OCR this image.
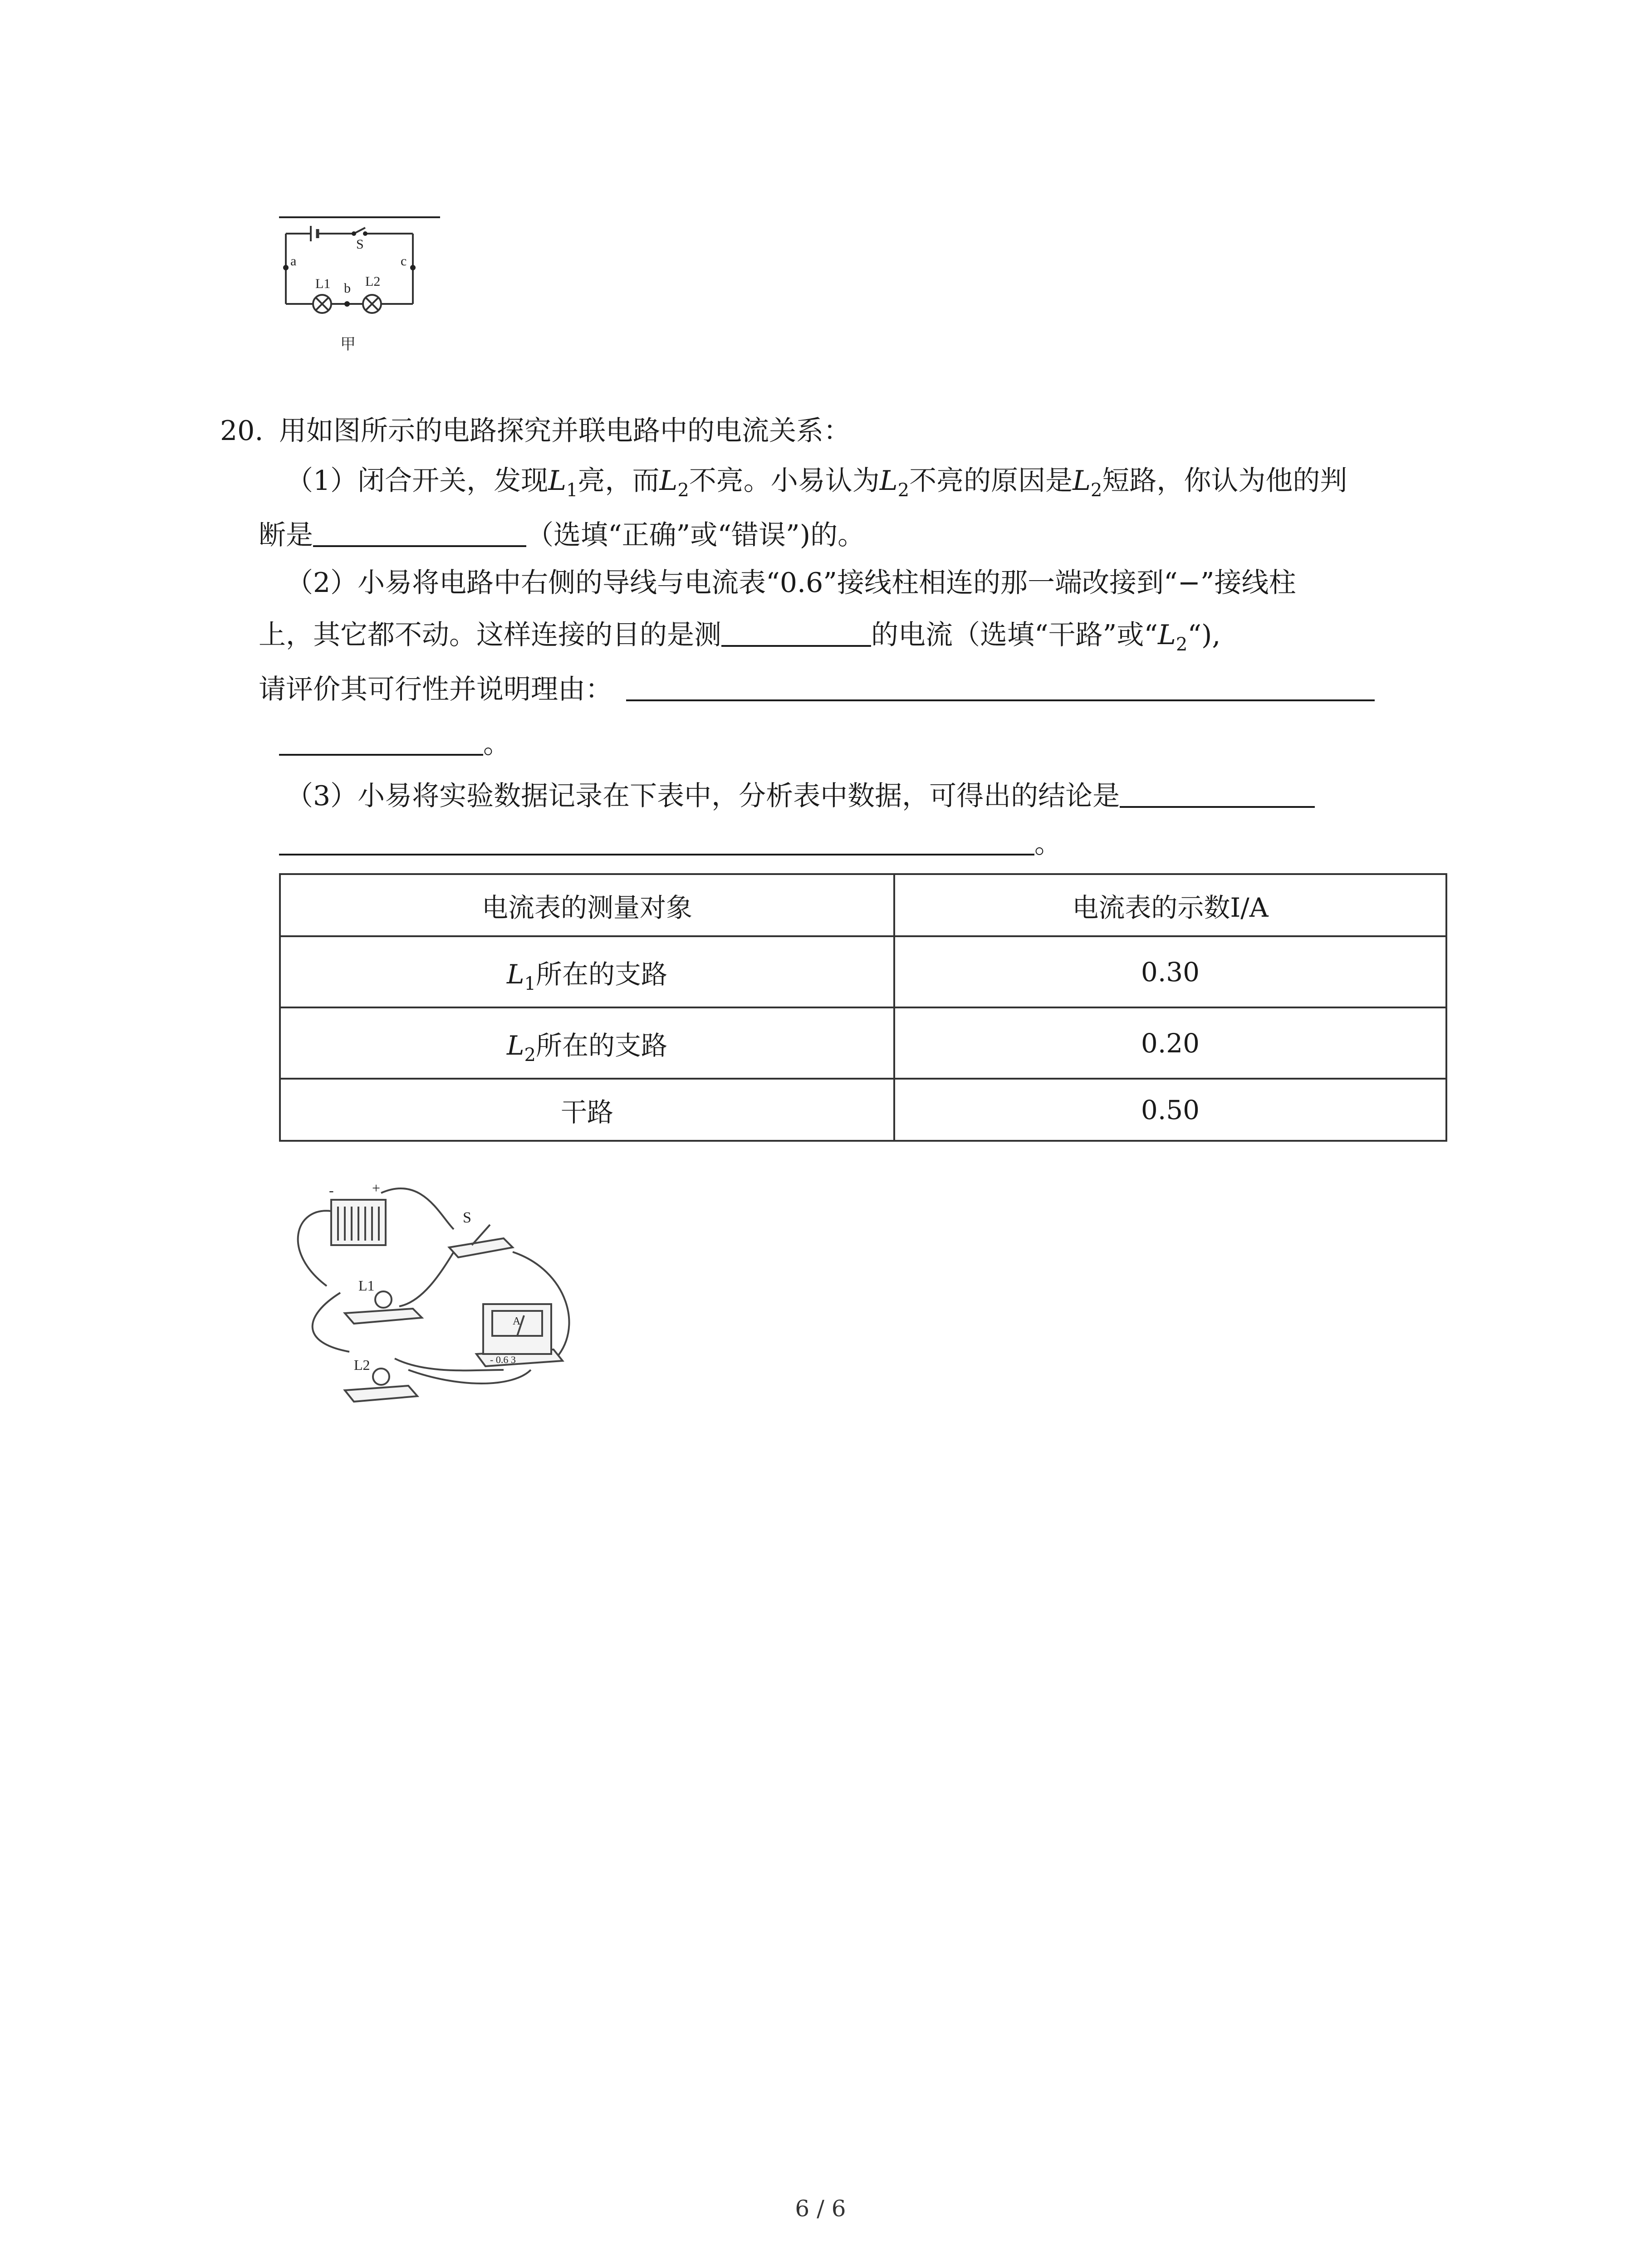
S
a
b
c
L1	L2
甲
20. 用如图所示的电路探究并联电路中的电流关系：
（1）闭合开关，发现$L_1$亮，而$L_2$不亮。小易认为$L_2$不亮的原因是$L_2$短路，你认为他的判
断是	（选填“正确”或“错误”)的。
（2）小易将电路中右侧的导线与电流表“0.6”接线柱相连的那一端改接到“−”接线柱
上，其它都不动。这样连接的目的是测	的电流（选填“干路”或“$L_2“$),
请评价其可行性并说明理由：
。
（3）小易将实验数据记录在下表中，分析表中数据，可得出的结论是
。
电流表的测量对象	电流表的示数I/A
$L_1$所在的支路	0.30
$L_2$所在的支路	0.20
干路	0.50
-	+
S
L1
L2
A
- 0.6 3
6 / 6
